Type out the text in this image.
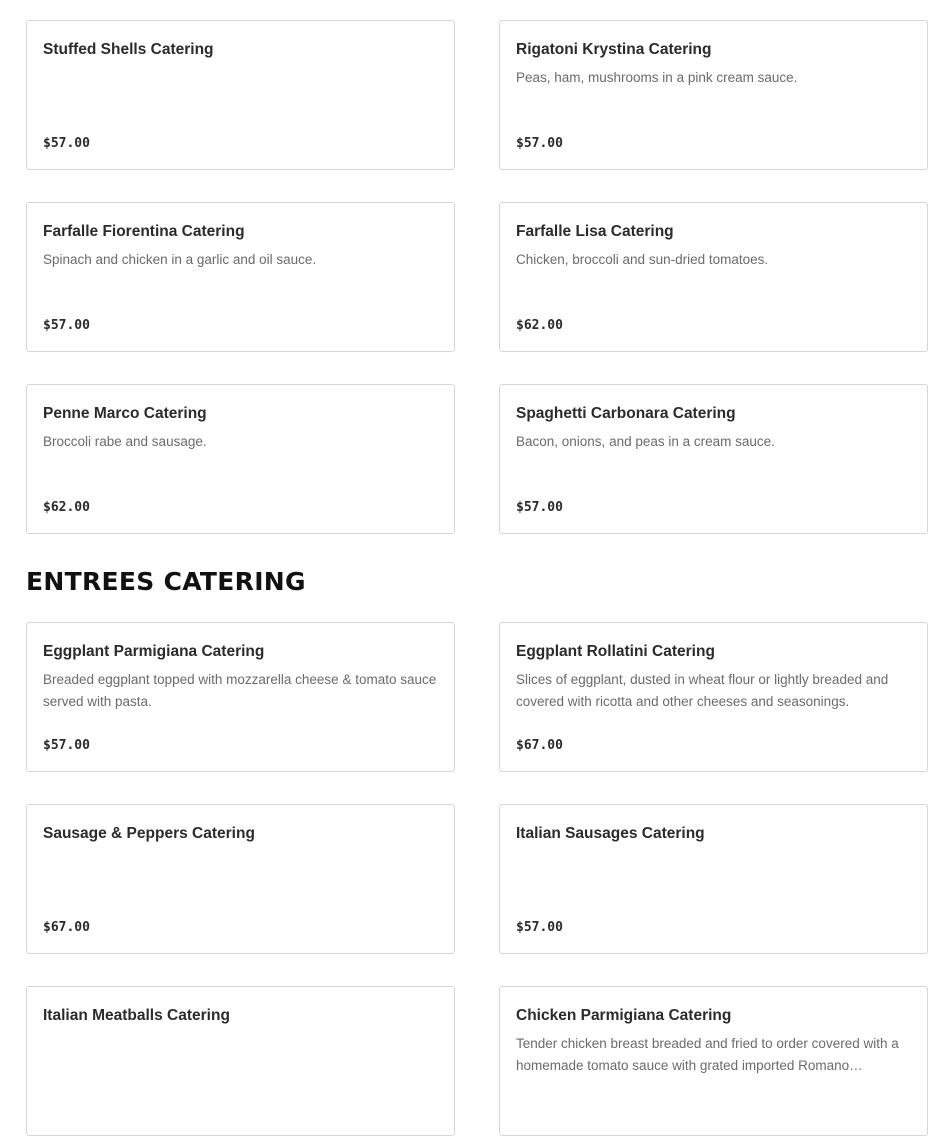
Stuffed Shells Catering
$57.00
Rigatoni Krystina Catering
Peas, ham, mushrooms in a pink cream sauce.
$57.00
Farfalle Fiorentina Catering
Spinach and chicken in a garlic and oil sauce.
$57.00
Farfalle Lisa Catering
Chicken, broccoli and sun-dried tomatoes.
$62.00
Penne Marco Catering
Broccoli rabe and sausage.
$62.00
Spaghetti Carbonara Catering
Bacon, onions, and peas in a cream sauce.
$57.00
ENTREES CATERING
Eggplant Parmigiana Catering
Breaded eggplant topped with mozzarella cheese & tomato sauce served with pasta.
$57.00
Eggplant Rollatini Catering
Slices of eggplant, dusted in wheat flour or lightly breaded and covered with ricotta and other cheeses and seasonings.
$67.00
Sausage & Peppers Catering
$67.00
Italian Sausages Catering
$57.00
Italian Meatballs Catering	Chicken Parmigiana Catering
Tender chicken breast breaded and fried to order covered with a homemade tomato sauce with grated imported Romano…
